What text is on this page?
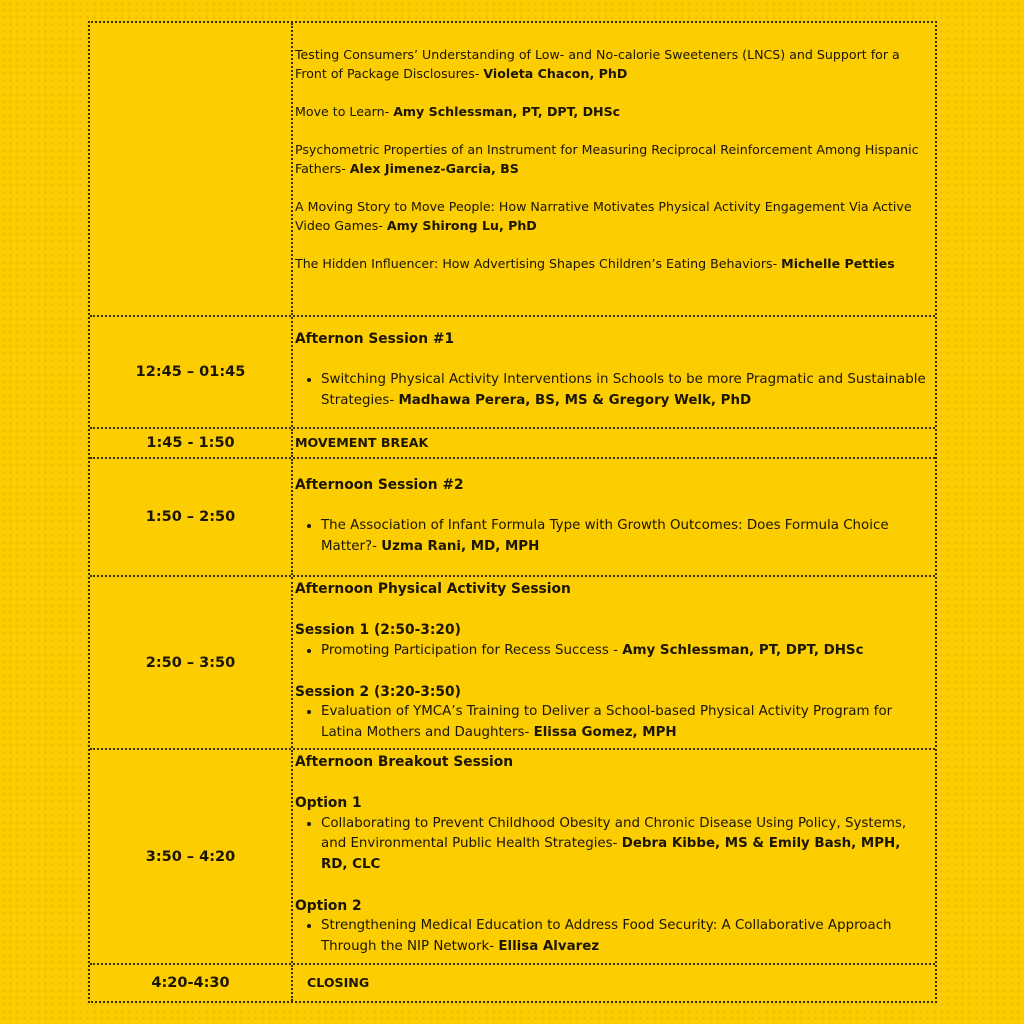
Testing Consumers’ Understanding of Low- and No-calorie Sweeteners (LNCS) and Support for a Front of Package Disclosures- Violeta Chacon, PhD

Move to Learn- Amy Schlessman, PT, DPT, DHSc

Psychometric Properties of an Instrument for Measuring Reciprocal Reinforcement Among Hispanic Fathers- Alex Jimenez-Garcia, BS

A Moving Story to Move People: How Narrative Motivates Physical Activity Engagement Via Active Video Games- Amy Shirong Lu, PhD

The Hidden Influencer: How Advertising Shapes Children’s Eating Behaviors- Michelle Petties

12:45 – 01:45
Afternon Session #1
• Switching Physical Activity Interventions in Schools to be more Pragmatic and Sustainable Strategies- Madhawa Perera, BS, MS & Gregory Welk, PhD
1:45 - 1:50	MOVEMENT BREAK
1:50 – 2:50
Afternoon Session #2
• The Association of Infant Formula Type with Growth Outcomes: Does Formula Choice Matter?- Uzma Rani, MD, MPH
2:50 – 3:50
Afternoon Physical Activity Session
Session 1 (2:50-3:20)
• Promoting Participation for Recess Success - Amy Schlessman, PT, DPT, DHSc
Session 2 (3:20-3:50)
• Evaluation of YMCA’s Training to Deliver a School-based Physical Activity Program for Latina Mothers and Daughters- Elissa Gomez, MPH
3:50 – 4:20
Afternoon Breakout Session
Option 1
• Collaborating to Prevent Childhood Obesity and Chronic Disease Using Policy, Systems, and Environmental Public Health Strategies- Debra Kibbe, MS & Emily Bash, MPH, RD, CLC
Option 2
• Strengthening Medical Education to Address Food Security: A Collaborative Approach Through the NIP Network- Ellisa Alvarez
4:20-4:30	CLOSING
